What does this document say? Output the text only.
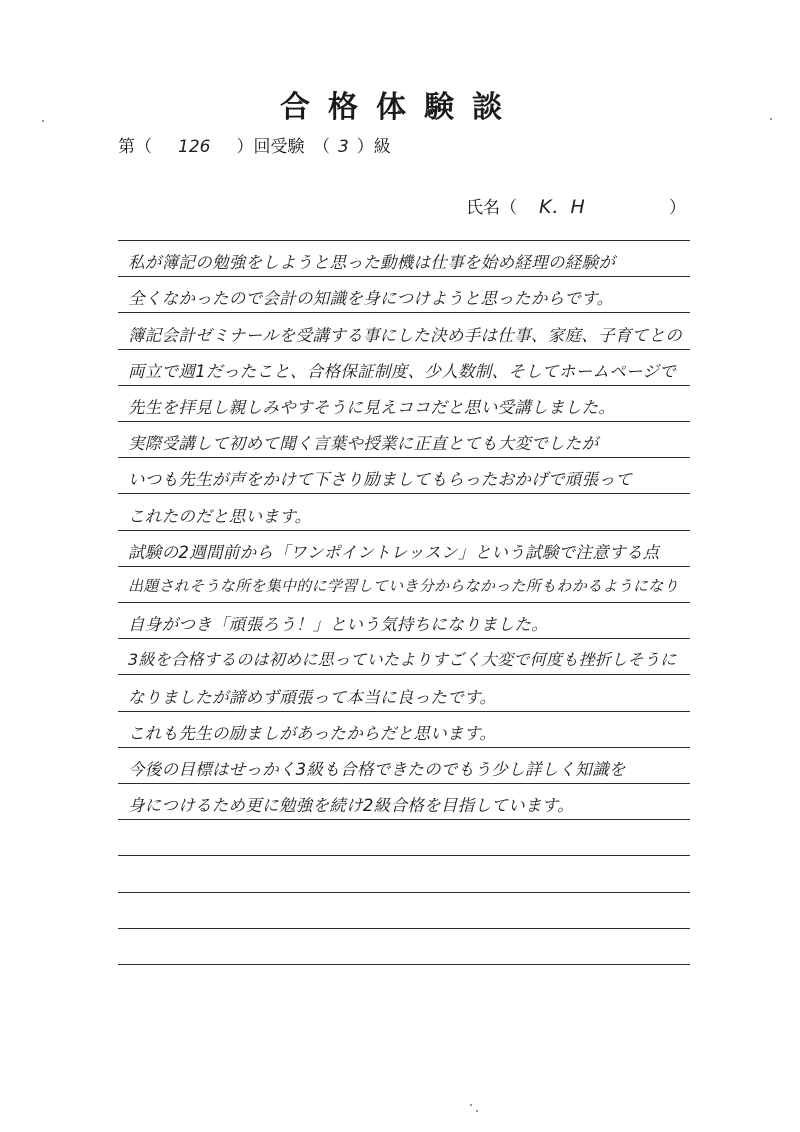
合格体験談
第（ 126 ）回受験　（ 3 ）級
氏名（ K．H	）
私が簿記の勉強をしようと思った動機は仕事を始め経理の経験が
全くなかったので会計の知識を身につけようと思ったからです。
簿記会計ゼミナールを受講する事にした決め手は仕事、家庭、子育てとの
両立で週1だったこと、合格保証制度、少人数制、そしてホームページで
先生を拝見し親しみやすそうに見えココだと思い受講しました。
実際受講して初めて聞く言葉や授業に正直とても大変でしたが
いつも先生が声をかけて下さり励ましてもらったおかげで頑張って
これたのだと思います。
試験の2週間前から「ワンポイントレッスン」という試験で注意する点
出題されそうな所を集中的に学習していき分からなかった所もわかるようになり
自身がつき「頑張ろう！」という気持ちになりました。
3級を合格するのは初めに思っていたよりすごく大変で何度も挫折しそうに
なりましたが諦めず頑張って本当に良ったです。
これも先生の励ましがあったからだと思います。
今後の目標はせっかく3級も合格できたのでもう少し詳しく知識を
身につけるため更に勉強を続け2級合格を目指しています。
